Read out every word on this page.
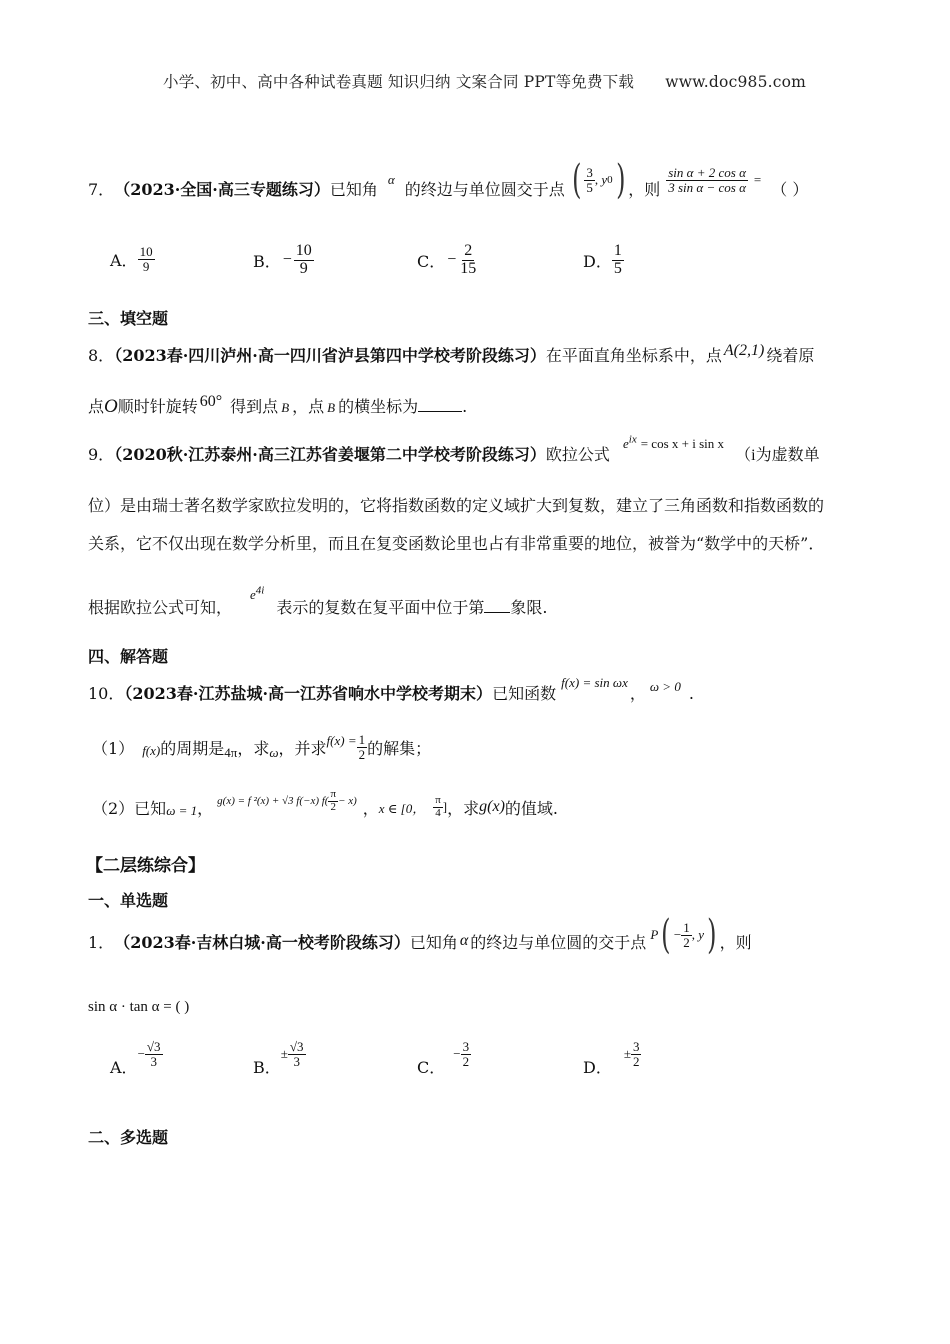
小学、初中、高中各种试卷真题 知识归纳 文案合同 PPT等免费下载 www.doc985.com
7． （2023·全国·高三专题练习） 已知角 α 的终边与单位圆交于点 ( $\frac{3}{5}$ , y 0 ) ，则 $\frac{\text{sin α + 2 cos α}}{\text{3 sin α − cos α}}$ = （ ）
A． $\frac{10}{9}$	B． − $\frac{10}{9}$	C． − $\frac{2}{15}$	D． $\frac{1}{5}$
三、填空题
8．（2023春·四川泸州·高一四川省泸县第四中学校考阶段练习）在平面直角坐标系中，点 A(2,1) 绕着原
点O顺时针旋转 60° 得到点 B ，点 B 的横坐标为	.
9．（2020秋·江苏泰州·高三江苏省姜堰第二中学校考阶段练习）欧拉公式 $^{e^{ix} = cos x + i sin x}$ （i为虚数单
位）是由瑞士著名数学家欧拉发明的，它将指数函数的定义域扩大到复数，建立了三角函数和指数函数的
关系，它不仅出现在数学分析里，而且在复变函数论里也占有非常重要的地位，被誉为“数学中的天桥”．
根据欧拉公式可知，$^{e^{4i}}$表示的复数在复平面中位于第 象限.
四、解答题
10．（2023春·江苏盐城·高一江苏省响水中学校考期末）已知函数 $^{f(x) = sin \omega x}$， $^{\omega > 0}$ .
（1） f(x) 的周期是 4π ，求 ω ，并求 $f(x) = \frac{1}{2}$ 的解集；
（2）已知 ω = 1 ， g(x) = f ²(x) + √3 f(−x) $f( \frac{\pi}{2} - x)$ ， x ∈ [0， $\frac{\pi}{4}$ ] ，求 g(x) 的值域.
【二层练综合】
一、单选题
1． （2023春·吉林白城·高一校考阶段练习） 已知角 α 的终边与单位圆的交于点 P ( − $\frac{1}{2}$ , y ) ，则
sin α · tan α = ( )
A．
− $\frac{√3}{3}$	B．
± $\frac{√3}{3}$	C．
− $\frac{3}{2}$	D．
± $\frac{3}{2}$
二、多选题
